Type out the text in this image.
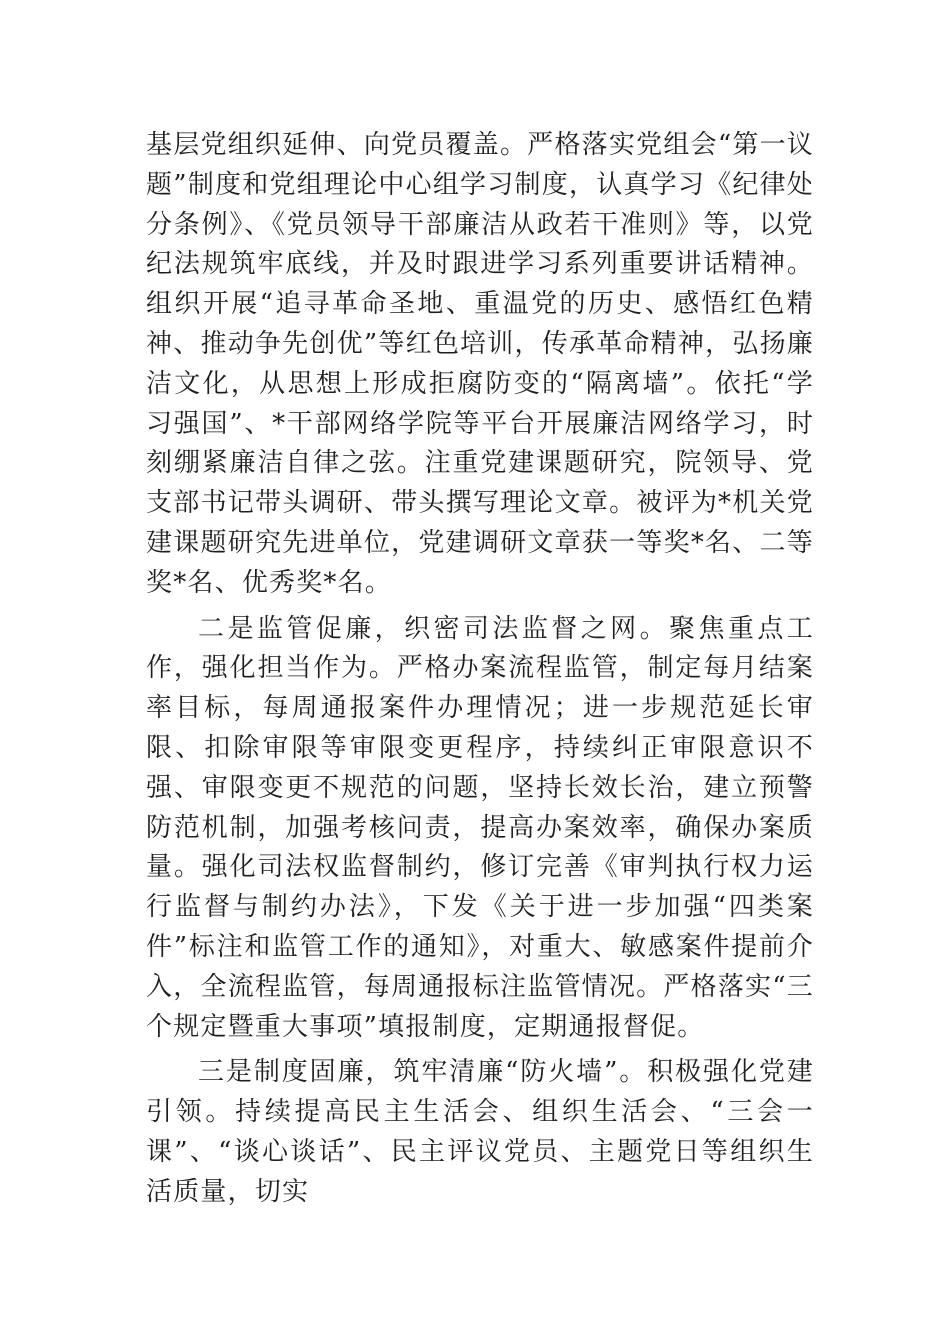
基层党组织延伸、向党员覆盖。严格落实党组会“第一议题”制度和党组理论中心组学习制度，认真学习《纪律处分条例》、《党员领导干部廉洁从政若干准则》等，以党纪法规筑牢底线，并及时跟进学习系列重要讲话精神。组织开展“追寻革命圣地、重温党的历史、感悟红色精神、推动争先创优”等红色培训，传承革命精神，弘扬廉洁文化，从思想上形成拒腐防变的“隔离墙”。依托“学习强国”、*干部网络学院等平台开展廉洁网络学习，时刻绷紧廉洁自律之弦。注重党建课题研究，院领导、党支部书记带头调研、带头撰写理论文章。被评为*机关党建课题研究先进单位，党建调研文章获一等奖*名、二等奖*名、优秀奖*名。

二是监管促廉，织密司法监督之网。聚焦重点工作，强化担当作为。严格办案流程监管，制定每月结案率目标，每周通报案件办理情况；进一步规范延长审限、扣除审限等审限变更程序，持续纠正审限意识不强、审限变更不规范的问题，坚持长效长治，建立预警防范机制，加强考核问责，提高办案效率，确保办案质量。强化司法权监督制约，修订完善《审判执行权力运行监督与制约办法》，下发《关于进一步加强“四类案件”标注和监管工作的通知》，对重大、敏感案件提前介入，全流程监管，每周通报标注监管情况。严格落实“三个规定暨重大事项”填报制度，定期通报督促。

三是制度固廉，筑牢清廉“防火墙”。积极强化党建引领。持续提高民主生活会、组织生活会、“三会一课”、“谈心谈话”、民主评议党员、主题党日等组织生活质量，切实
